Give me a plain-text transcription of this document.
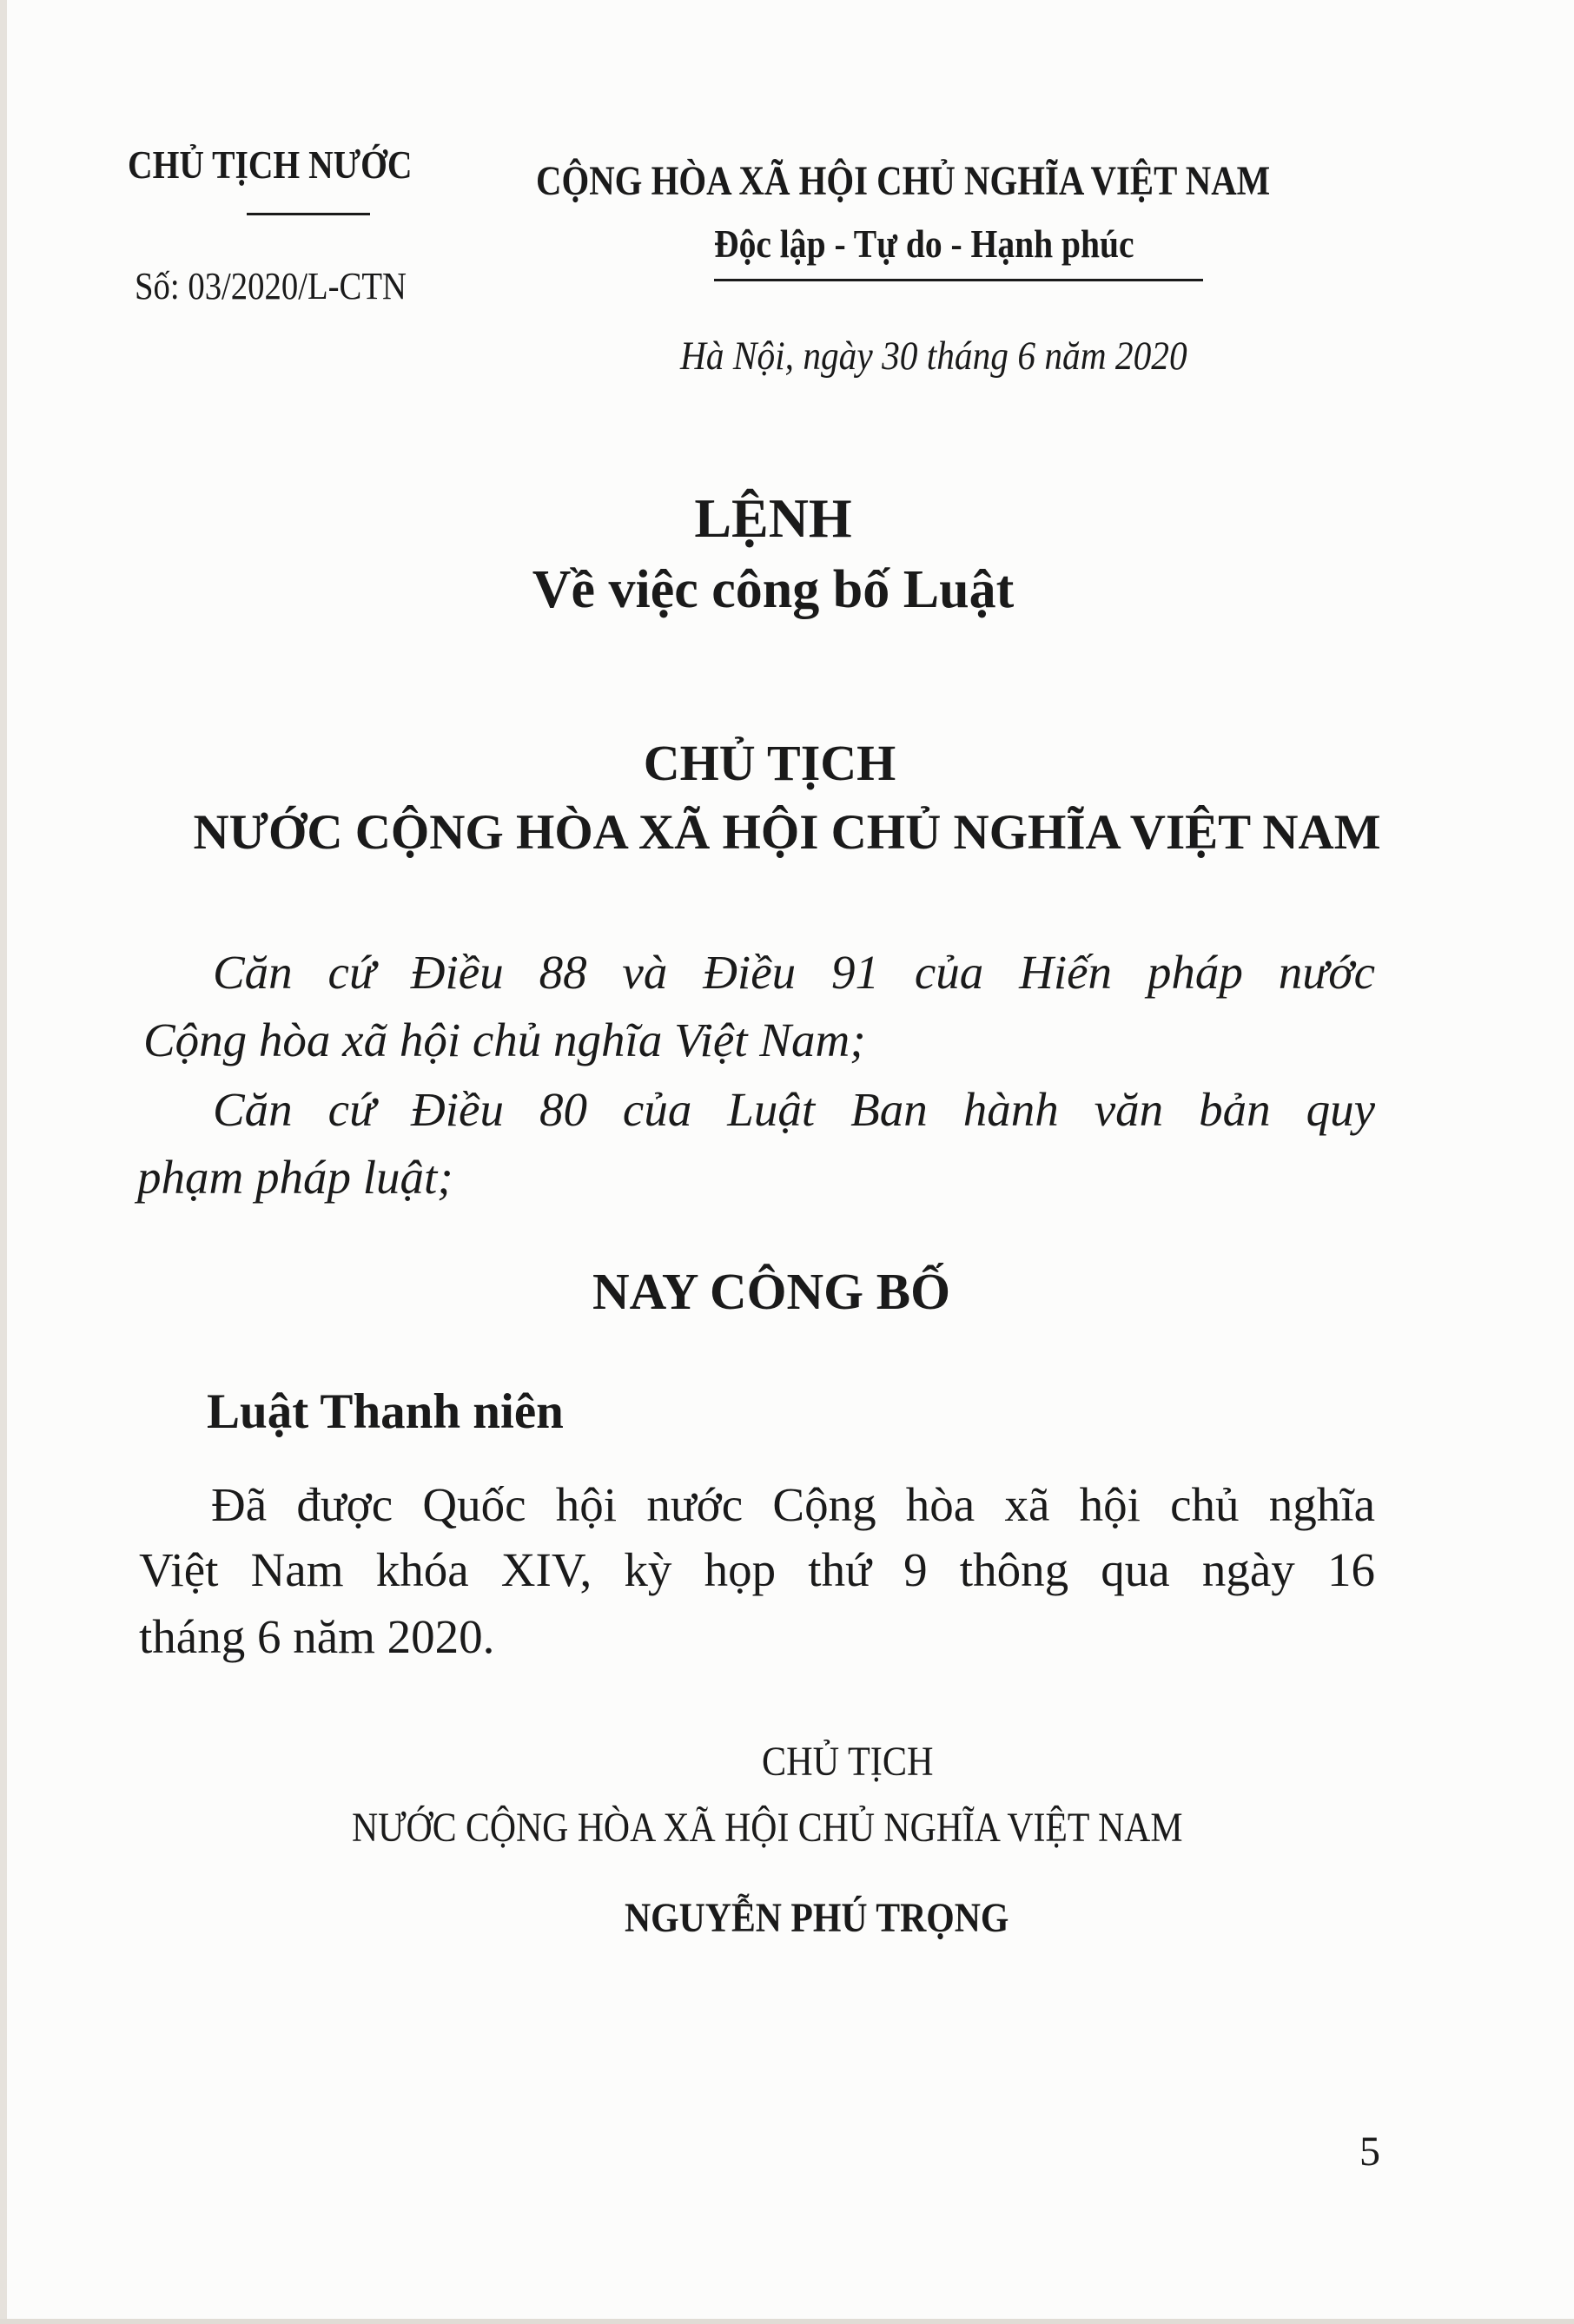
CHỦ TỊCH NƯỚC
Số: 03/2020/L-CTN
CỘNG HÒA XÃ HỘI CHỦ NGHĨA VIỆT NAM
Độc lập - Tự do - Hạnh phúc
Hà Nội, ngày 30 tháng 6 năm 2020
LỆNH
Về việc công bố Luật
CHỦ TỊCH
NƯỚC CỘNG HÒA XÃ HỘI CHỦ NGHĨA VIỆT NAM
Căn cứ Điều 88 và Điều 91 của Hiến pháp nước
Cộng hòa xã hội chủ nghĩa Việt Nam;
Căn cứ Điều 80 của Luật Ban hành văn bản quy
phạm pháp luật;
NAY CÔNG BỐ
Luật Thanh niên
Đã được Quốc hội nước Cộng hòa xã hội chủ nghĩa
Việt Nam khóa XIV, kỳ họp thứ 9 thông qua ngày 16
tháng 6 năm 2020.
CHỦ TỊCH
NƯỚC CỘNG HÒA XÃ HỘI CHỦ NGHĨA VIỆT NAM
NGUYỄN PHÚ TRỌNG
5
